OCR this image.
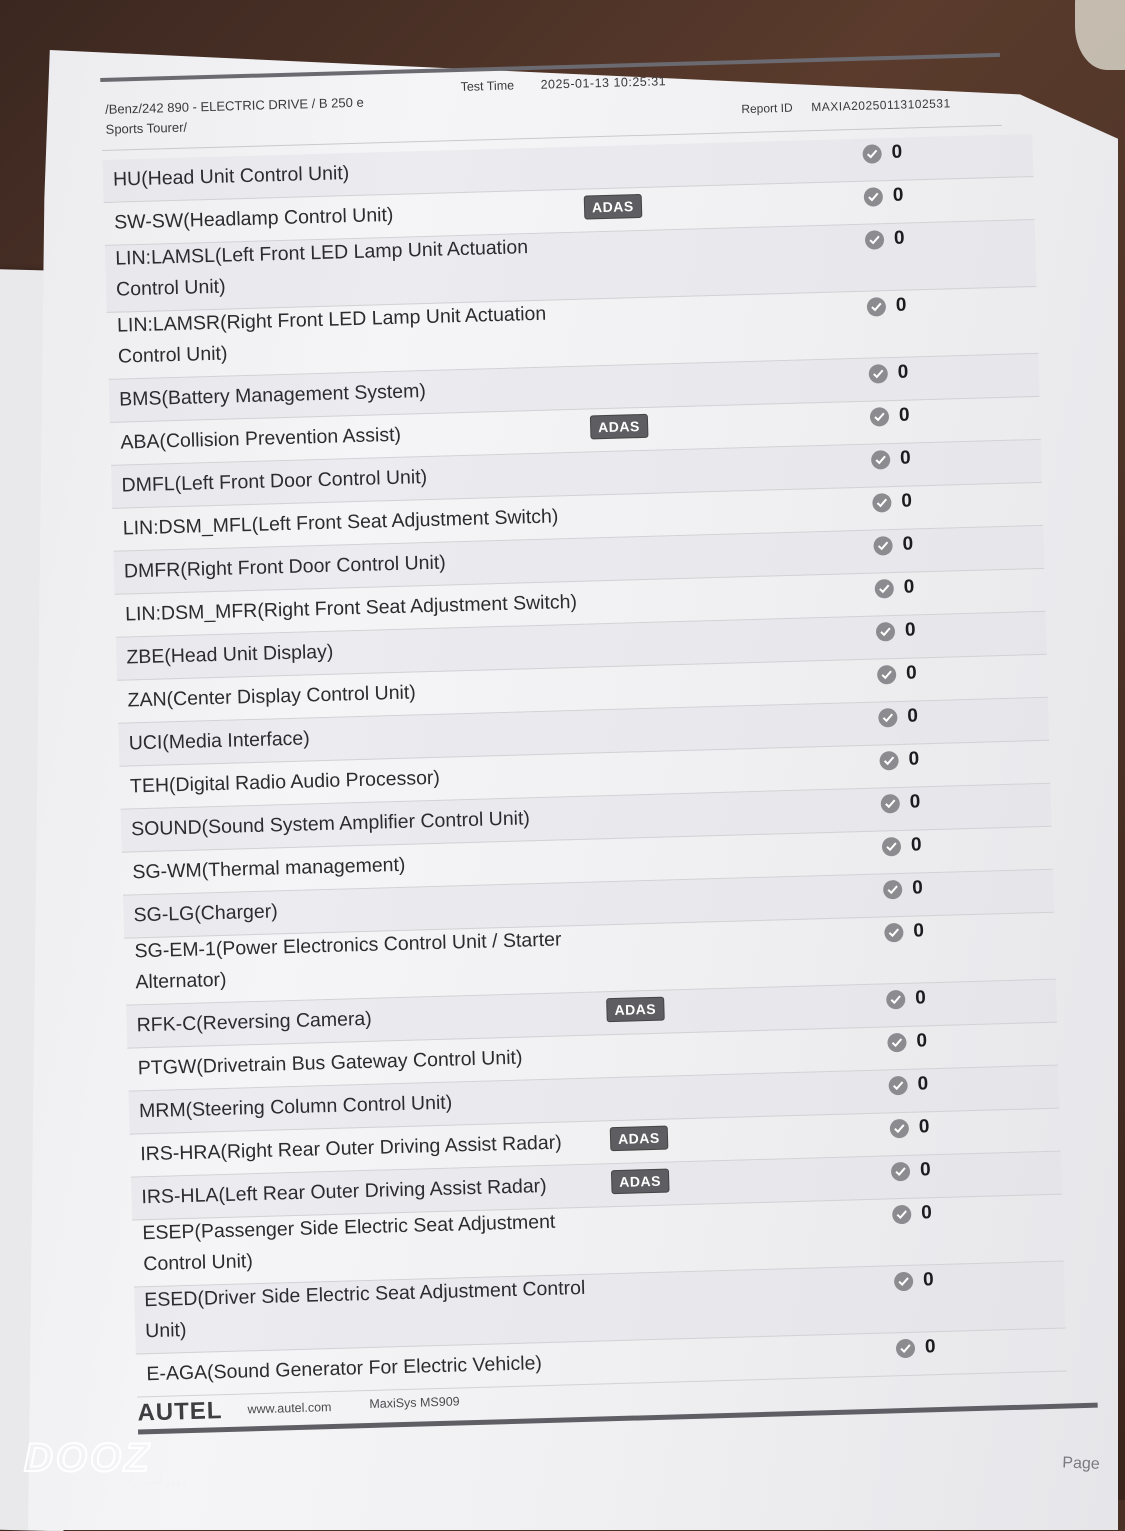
/Benz/242 890 - ELECTRIC DRIVE / B 250 e
Sports Tourer/
Test Time 2025-01-13 10:25:31
Report ID MAXIA20250113102531
HU(Head Unit Control Unit)
0
SW-SW(Headlamp Control Unit)	ADAS
0
LIN:LAMSL(Left Front LED Lamp Unit Actuation Control Unit)
0
LIN:LAMSR(Right Front LED Lamp Unit Actuation Control Unit)
0
BMS(Battery Management System)
0
ABA(Collision Prevention Assist)	ADAS
0
DMFL(Left Front Door Control Unit)
0
LIN:DSM_MFL(Left Front Seat Adjustment Switch)
0
DMFR(Right Front Door Control Unit)
0
LIN:DSM_MFR(Right Front Seat Adjustment Switch)
0
ZBE(Head Unit Display)
0
ZAN(Center Display Control Unit)
0
UCI(Media Interface)
0
TEH(Digital Radio Audio Processor)
0
SOUND(Sound System Amplifier Control Unit)
0
SG-WM(Thermal management)
0
SG-LG(Charger)
0
SG-EM-1(Power Electronics Control Unit / Starter Alternator)
0
RFK-C(Reversing Camera)	ADAS
0
PTGW(Drivetrain Bus Gateway Control Unit)
0
MRM(Steering Column Control Unit)
0
IRS-HRA(Right Rear Outer Driving Assist Radar)	ADAS
0
IRS-HLA(Left Rear Outer Driving Assist Radar)	ADAS
0
ESEP(Passenger Side Electric Seat Adjustment Control Unit)
0
ESED(Driver Side Electric Seat Adjustment Control Unit)
0
E-AGA(Sound Generator For Electric Vehicle)
0
AUTEL www.autel.com	MaxiSys MS909
Page
DOOZ
دووز للسيارات
